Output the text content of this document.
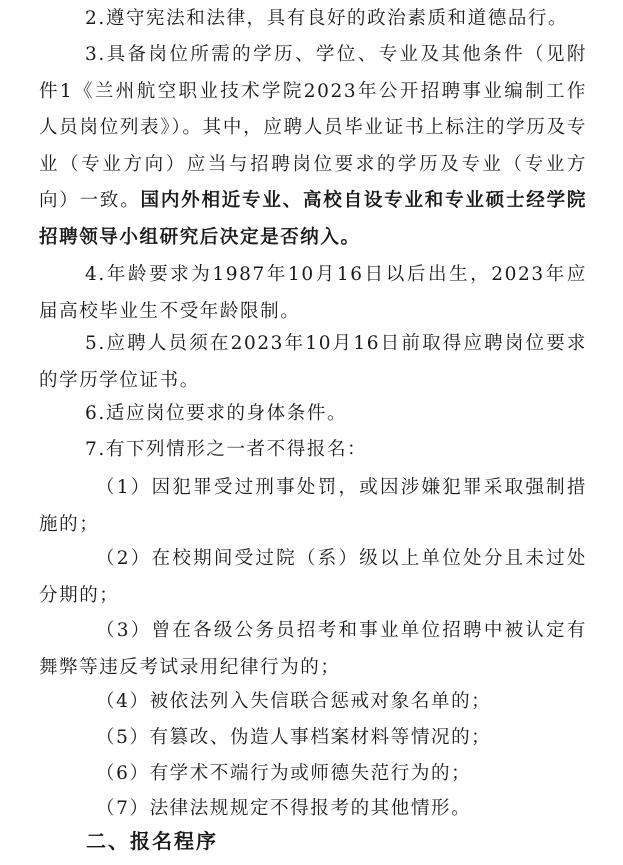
2.遵守宪法和法律，具有良好的政治素质和道德品行。

3.具备岗位所需的学历、学位、专业及其他条件（见附件1《兰州航空职业技术学院2023年公开招聘事业编制工作人员岗位列表》）。其中，应聘人员毕业证书上标注的学历及专业（专业方向）应当与招聘岗位要求的学历及专业（专业方向）一致。国内外相近专业、高校自设专业和专业硕士经学院招聘领导小组研究后决定是否纳入。

4.年龄要求为1987年10月16日以后出生，2023年应届高校毕业生不受年龄限制。

5.应聘人员须在2023年10月16日前取得应聘岗位要求的学历学位证书。

6.适应岗位要求的身体条件。

7.有下列情形之一者不得报名：

（1）因犯罪受过刑事处罚，或因涉嫌犯罪采取强制措施的；

（2）在校期间受过院（系）级以上单位处分且未过处分期的；

（3）曾在各级公务员招考和事业单位招聘中被认定有舞弊等违反考试录用纪律行为的；

（4）被依法列入失信联合惩戒对象名单的；

（5）有篡改、伪造人事档案材料等情况的；

（6）有学术不端行为或师德失范行为的；

（7）法律法规规定不得报考的其他情形。

二、报名程序
